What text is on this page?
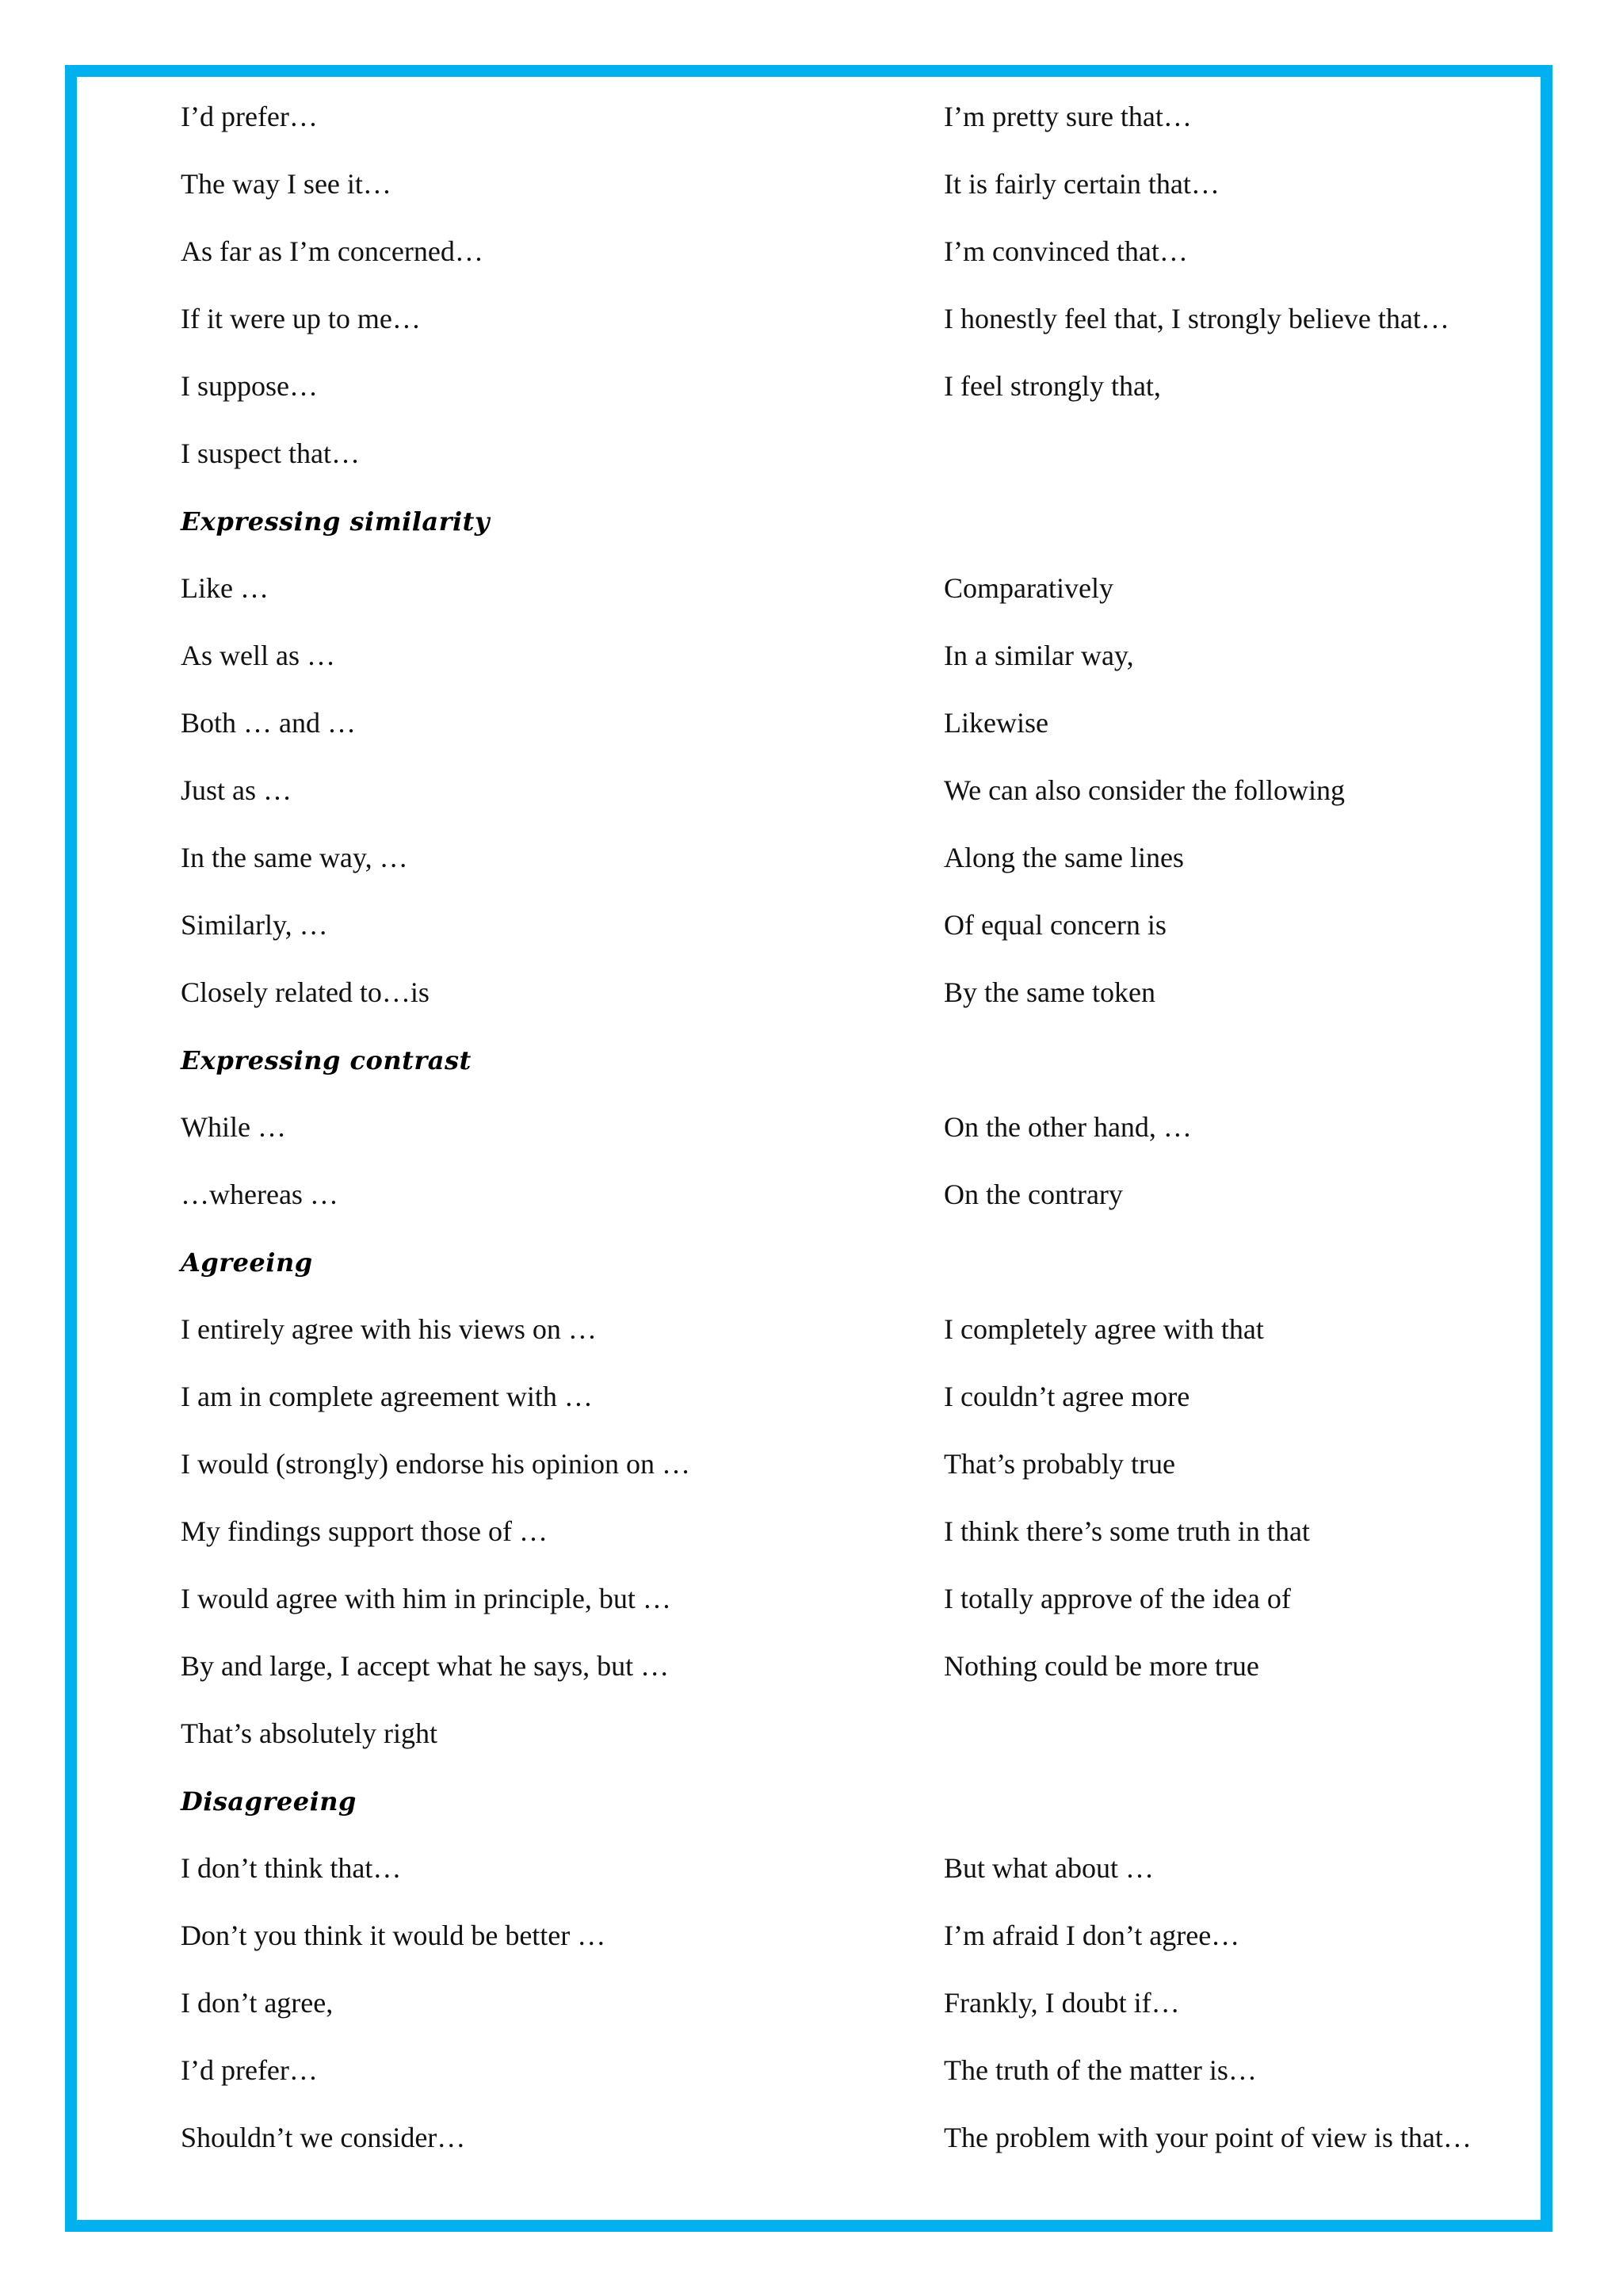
I’d prefer…	I’m pretty sure that…
The way I see it…	It is fairly certain that…
As far as I’m concerned…	I’m convinced that…
If it were up to me…	I honestly feel that, I strongly believe that…
I suppose…	I feel strongly that,
I suspect that…
Expressing similarity
Like …	Comparatively
As well as …	In a similar way,
Both … and …	Likewise
Just as …	We can also consider the following
In the same way, …	Along the same lines
Similarly, …	Of equal concern is
Closely related to…is	By the same token
Expressing contrast
While …	On the other hand, …
…whereas …	On the contrary
Agreeing
I entirely agree with his views on …	I completely agree with that
I am in complete agreement with …	I couldn’t agree more
I would (strongly) endorse his opinion on …	That’s probably true
My findings support those of …	I think there’s some truth in that
I would agree with him in principle, but …	I totally approve of the idea of
By and large, I accept what he says, but …	Nothing could be more true
That’s absolutely right
Disagreeing
I don’t think that…	But what about …
Don’t you think it would be better …	I’m afraid I don’t agree…
I don’t agree,	Frankly, I doubt if…
I’d prefer…	The truth of the matter is…
Shouldn’t we consider…	The problem with your point of view is that…
